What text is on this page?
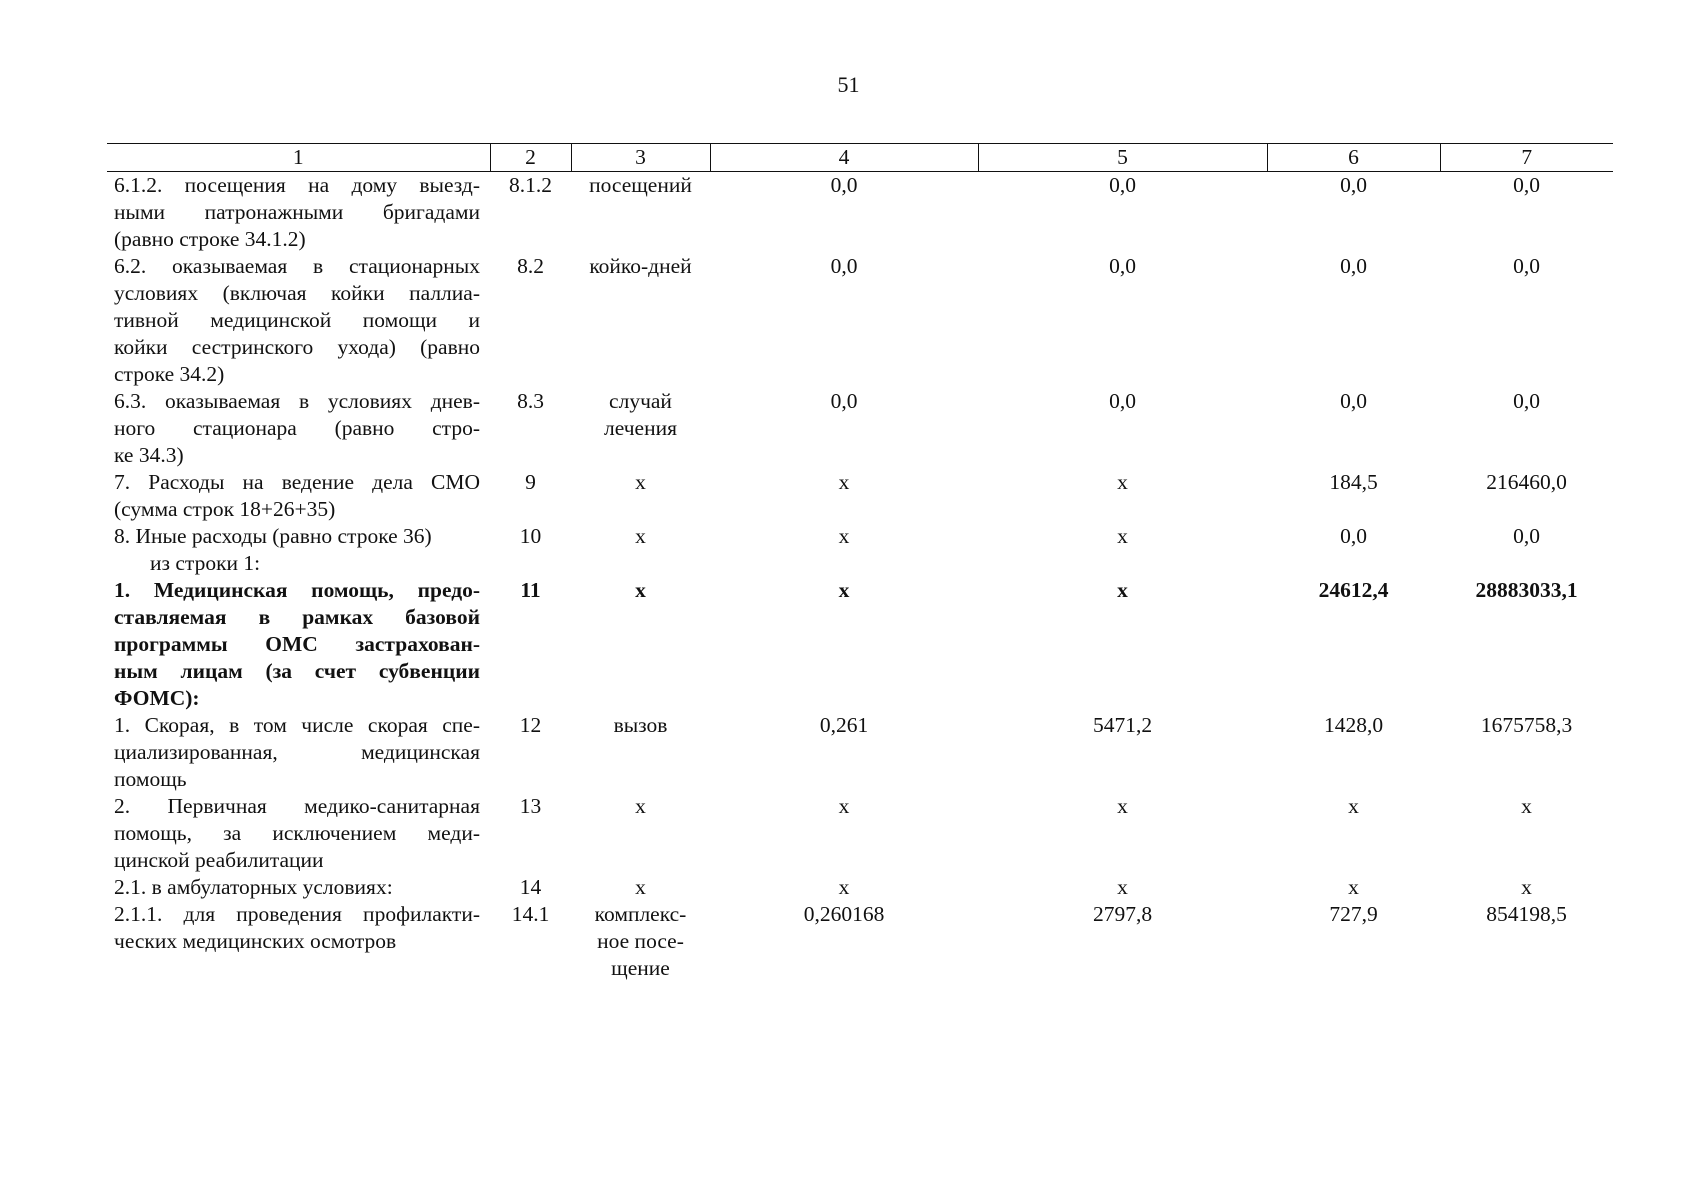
51
1	2	3	4	5	6	7

6.1.2. посещения на дому выезд-
ными патронажными бригадами
(равно строке 34.1.2)	8.1.2	посещений	0,0	0,0	0,0	0,0

6.2. оказываемая в стационарных
условиях (включая койки паллиа-
тивной медицинской помощи и
койки сестринского ухода) (равно
строке 34.2)	8.2	койко-дней	0,0	0,0	0,0	0,0

6.3. оказываемая в условиях днев-
ного стационара (равно стро-
ке 34.3)	8.3	случай лечения	0,0	0,0	0,0	0,0

7. Расходы на ведение дела СМО
(сумма строк 18+26+35)	9	х	х	х	184,5	216460,0

8. Иные расходы (равно строке 36)	10	х	х	х	0,0	0,0

из строки 1:						

1. Медицинская помощь, предо-
ставляемая в рамках базовой
программы ОМС застрахован-
ным лицам (за счет субвенции
ФОМС):	11	х	х	х	24612,4	28883033,1

1. Скорая, в том числе скорая спе-
циализированная, медицинская
помощь	12	вызов	0,261	5471,2	1428,0	1675758,3

2. Первичная медико-санитарная
помощь, за исключением меди-
цинской реабилитации	13	х	х	х	х	х

2.1. в амбулаторных условиях:	14	х	х	х	х	х

2.1.1. для проведения профилакти-
ческих медицинских осмотров	14.1	комплекс-ное посе-щение	0,260168	2797,8	727,9	854198,5
